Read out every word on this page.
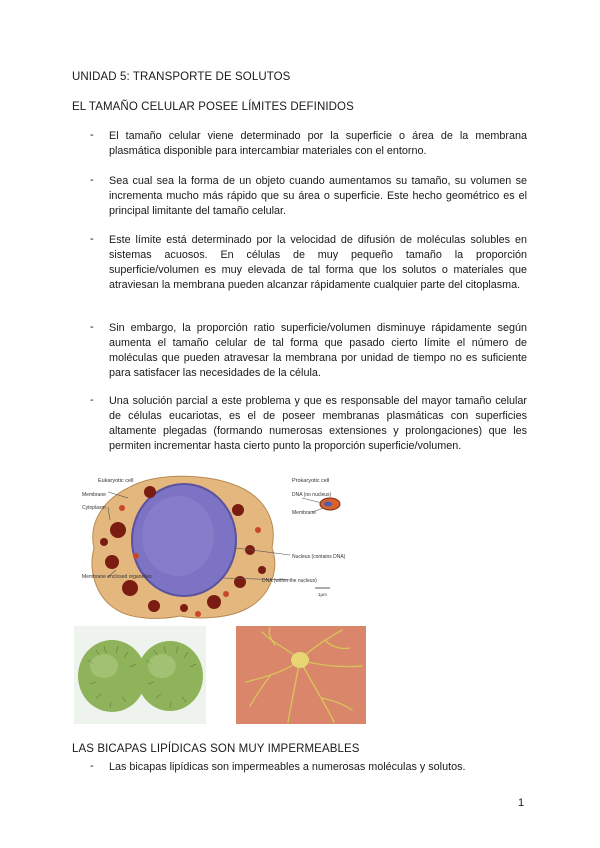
UNIDAD 5: TRANSPORTE DE SOLUTOS
EL TAMAÑO CELULAR POSEE LÍMITES DEFINIDOS
- El tamaño celular viene determinado por la superficie o área de la membrana plasmática disponible para intercambiar materiales con el entorno.
- Sea cual sea la forma de un objeto cuando aumentamos su tamaño, su volumen se incrementa mucho más rápido que su área o superficie. Este hecho geométrico es el principal limitante del tamaño celular.
- Este límite está determinado por la velocidad de difusión de moléculas solubles en sistemas acuosos. En células de muy pequeño tamaño la proporción superficie/volumen es muy elevada de tal forma que los solutos o materiales que atraviesan la membrana pueden alcanzar rápidamente cualquier parte del citoplasma.
- Sin embargo, la proporción ratio superficie/volumen disminuye rápidamente según aumenta el tamaño celular de tal forma que pasado cierto límite el número de moléculas que pueden atravesar la membrana por unidad de tiempo no es suficiente para satisfacer las necesidades de la célula.
- Una solución parcial a este problema y que es responsable del mayor tamaño celular de células eucariotas, es el de poseer membranas plasmáticas con superficies altamente plegadas (formando numerosas extensiones y prolongaciones) que les permiten incrementar hasta cierto punto la proporción superficie/volumen.
Eukaryotic cell
Membrane
Cytoplasm
Membrane enclosed organelles
Nucleus (contains DNA)
DNA (within the nucleus)
1μm
Prokaryotic cell
DNA (no nucleus)
Membrane
LAS BICAPAS LIPÍDICAS SON MUY IMPERMEABLES
- Las bicapas lipídicas son impermeables a numerosas moléculas y solutos.
1
